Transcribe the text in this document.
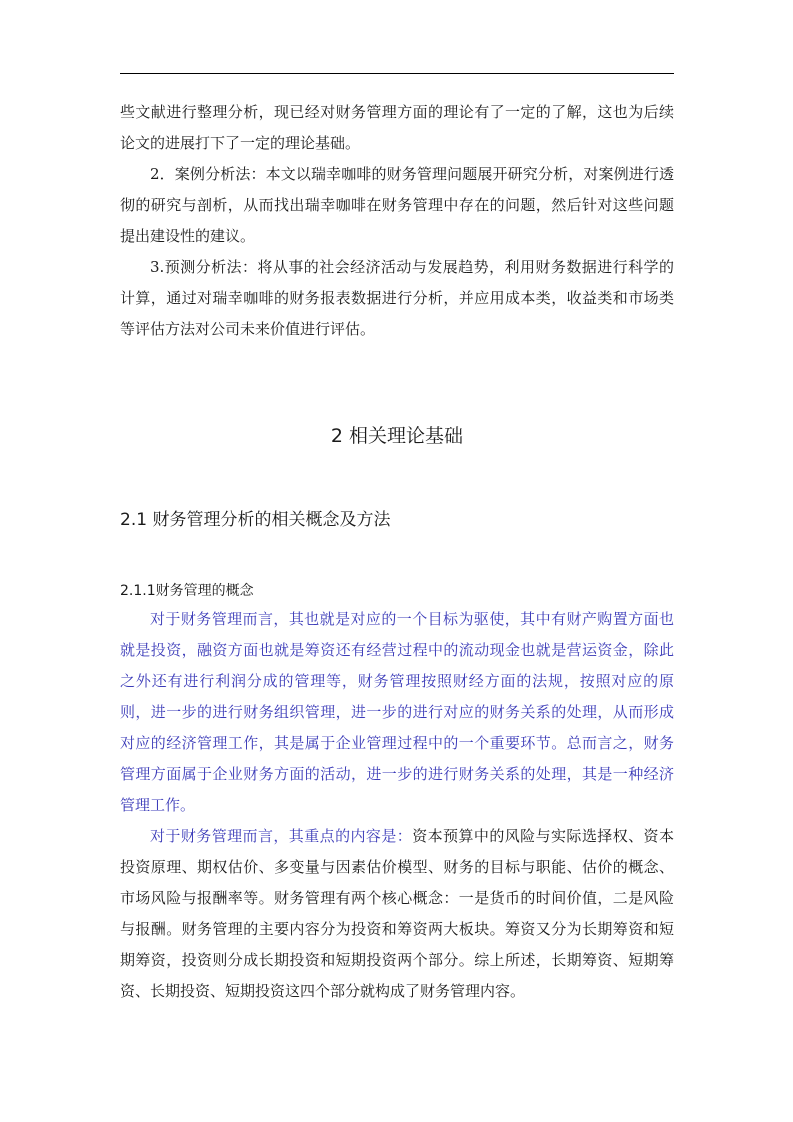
些文献进行整理分析，现已经对财务管理方面的理论有了一定的了解，这也为后续论文的进展打下了一定的理论基础。

2．案例分析法：本文以瑞幸咖啡的财务管理问题展开研究分析，对案例进行透彻的研究与剖析，从而找出瑞幸咖啡在财务管理中存在的问题，然后针对这些问题提出建设性的建议。

3.预测分析法：将从事的社会经济活动与发展趋势，利用财务数据进行科学的计算，通过对瑞幸咖啡的财务报表数据进行分析，并应用成本类，收益类和市场类等评估方法对公司未来价值进行评估。

2 相关理论基础
2.1 财务管理分析的相关概念及方法
2.1.1财务管理的概念

对于财务管理而言，其也就是对应的一个目标为驱使，其中有财产购置方面也就是投资，融资方面也就是筹资还有经营过程中的流动现金也就是营运资金，除此之外还有进行利润分成的管理等，财务管理按照财经方面的法规，按照对应的原则，进一步的进行财务组织管理，进一步的进行对应的财务关系的处理，从而形成对应的经济管理工作，其是属于企业管理过程中的一个重要环节。总而言之，财务管理方面属于企业财务方面的活动，进一步的进行财务关系的处理，其是一种经济管理工作。

对于财务管理而言，其重点的内容是：资本预算中的风险与实际选择权、资本投资原理、期权估价、多变量与因素估价模型、财务的目标与职能、估价的概念、市场风险与报酬率等。财务管理有两个核心概念：一是货币的时间价值，二是风险与报酬。财务管理的主要内容分为投资和筹资两大板块。筹资又分为长期筹资和短期筹资，投资则分成长期投资和短期投资两个部分。综上所述，长期筹资、短期筹资、长期投资、短期投资这四个部分就构成了财务管理内容。
